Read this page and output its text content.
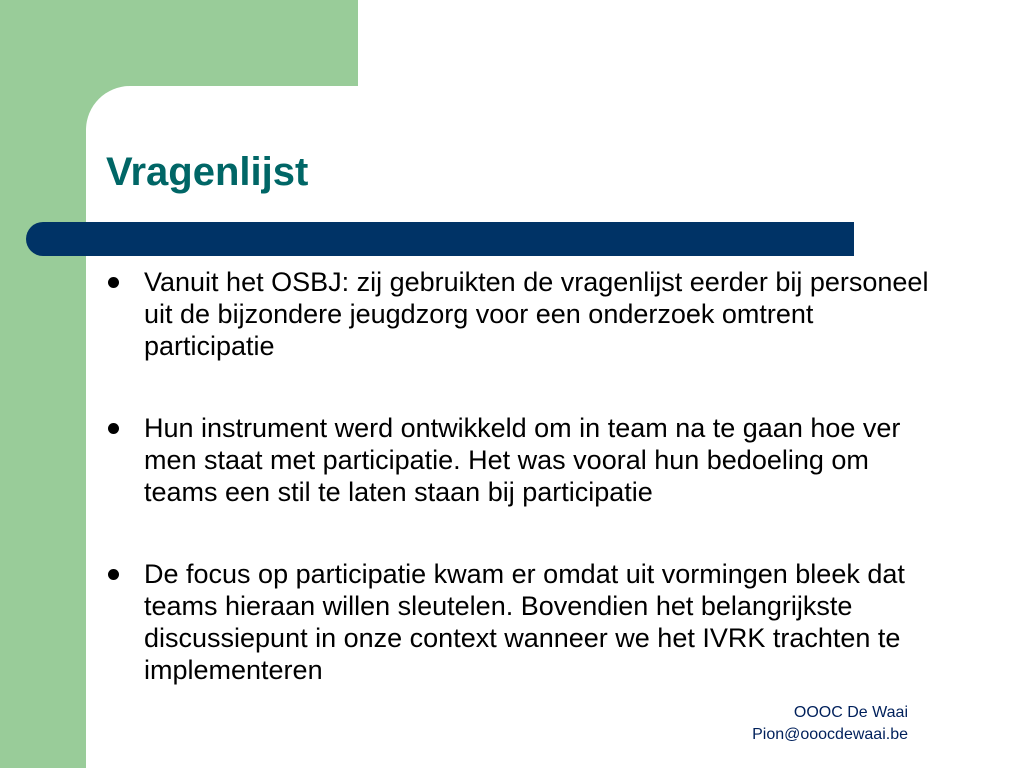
Vragenlijst
Vanuit het OSBJ: zij gebruikten de vragenlijst eerder bij personeel uit de bijzondere jeugdzorg voor een onderzoek omtrent participatie
Hun instrument werd ontwikkeld om in team na te gaan hoe ver men staat met participatie. Het was vooral hun bedoeling om teams een stil te laten staan bij participatie
De focus op participatie kwam er omdat uit vormingen bleek dat teams hieraan willen sleutelen. Bovendien het belangrijkste discussiepunt in onze context wanneer we het IVRK trachten te implementeren
OOOC De Waai
Pion@ooocdewaai.be
